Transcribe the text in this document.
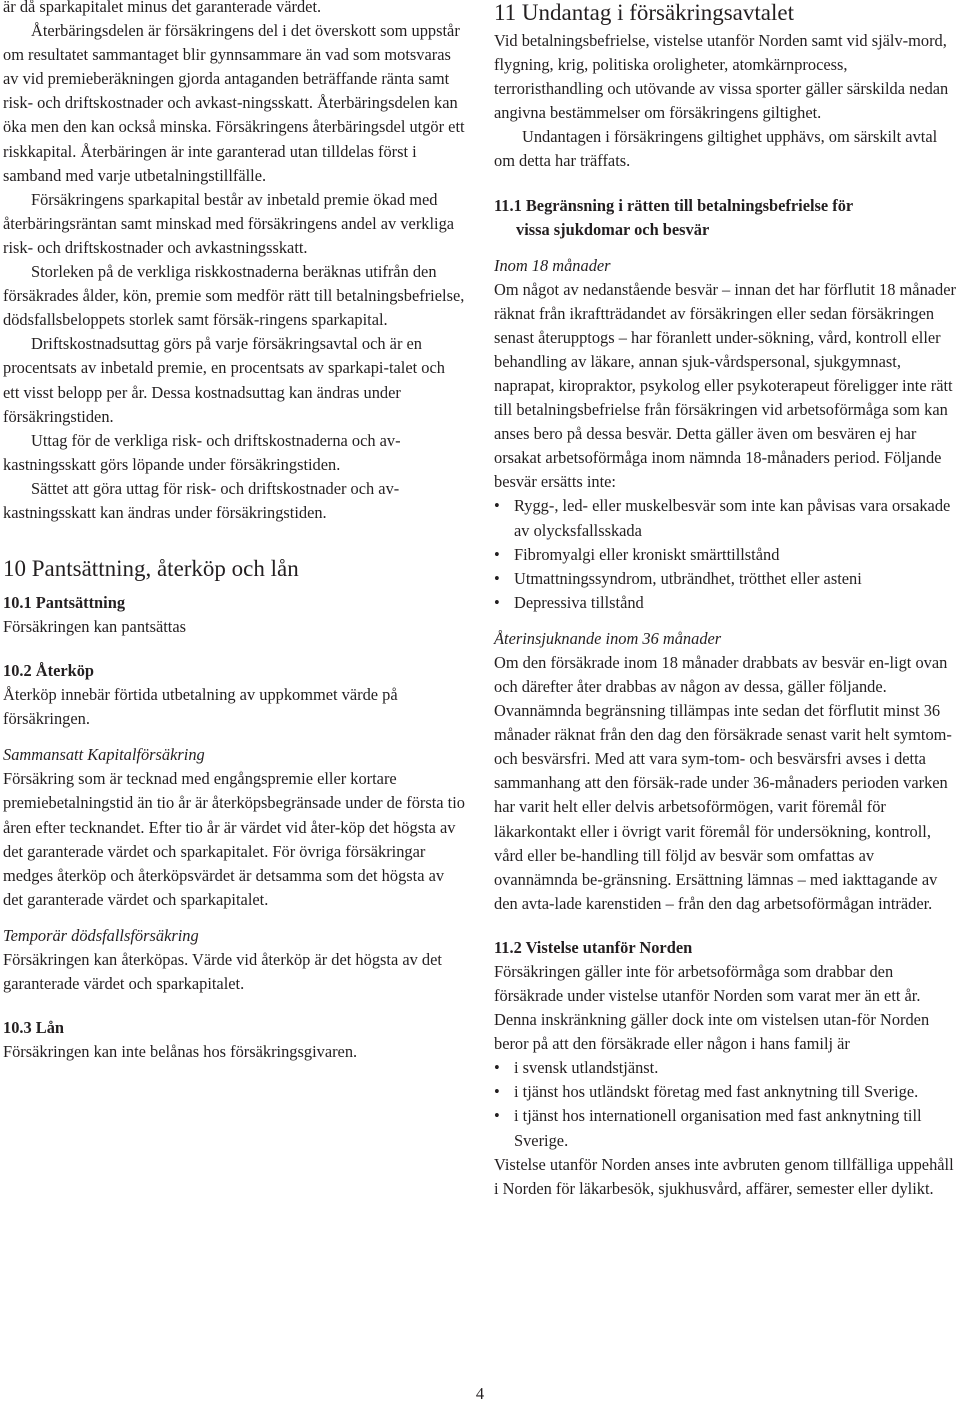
är då sparkapitalet minus det garanterade värdet.

Återbäringsdelen är försäkringens del i det överskott som uppstår om resultatet sammantaget blir gynnsammare än vad som motsvaras av vid premieberäkningen gjorda antaganden beträffande ränta samt risk- och driftskostnader och avkast-ningsskatt. Återbäringsdelen kan öka men den kan också minska. Försäkringens återbäringsdel utgör ett riskkapital. Återbäringen är inte garanterad utan tilldelas först i samband med varje utbetalningstillfälle.

Försäkringens sparkapital består av inbetald premie ökad med återbäringsräntan samt minskad med försäkringens andel av verkliga risk- och driftskostnader och avkastningsskatt.

Storleken på de verkliga riskkostnaderna beräknas utifrån den försäkrades ålder, kön, premie som medför rätt till betalningsbefrielse, dödsfallsbeloppets storlek samt försäk-ringens sparkapital.

Driftskostnadsuttag görs på varje försäkringsavtal och är en procentsats av inbetald premie, en procentsats av sparkapi-talet och ett visst belopp per år. Dessa kostnadsuttag kan ändras under försäkringstiden.

Uttag för de verkliga risk- och driftskostnaderna och av-kastningsskatt görs löpande under försäkringstiden.

Sättet att göra uttag för risk- och driftskostnader och av-kastningsskatt kan ändras under försäkringstiden.

10 Pantsättning, återköp och lån
10.1 Pantsättning

Försäkringen kan pantsättas

10.2 Återköp

Återköp innebär förtida utbetalning av uppkommet värde på försäkringen.

Sammansatt Kapitalförsäkring

Försäkring som är tecknad med engångspremie eller kortare premiebetalningstid än tio år är återköpsbegränsade under de första tio åren efter tecknandet. Efter tio år är värdet vid åter-köp det högsta av det garanterade värdet och sparkapitalet. För övriga försäkringar medges återköp och återköpsvärdet är detsamma som det högsta av det garanterade värdet och sparkapitalet.

Temporär dödsfallsförsäkring

Försäkringen kan återköpas. Värde vid återköp är det högsta av det garanterade värdet och sparkapitalet.

10.3 Lån

Försäkringen kan inte belånas hos försäkringsgivaren.

11 Undantag i försäkringsavtalet

Vid betalningsbefrielse, vistelse utanför Norden samt vid själv-mord, flygning, krig, politiska oroligheter, atomkärnprocess, terroristhandling och utövande av vissa sporter gäller särskilda nedan angivna bestämmelser om försäkringens giltighet.

Undantagen i försäkringens giltighet upphävs, om särskilt avtal om detta har träffats.

11.1 Begränsning i rätten till betalningsbefrielse för
vissa sjukdomar och besvär

Inom 18 månader

Om något av nedanstående besvär – innan det har förflutit 18 månader räknat från ikraftträdandet av försäkringen eller sedan försäkringen senast återupptogs – har föranlett under-sökning, vård, kontroll eller behandling av läkare, annan sjuk-vårdspersonal, sjukgymnast, naprapat, kiropraktor, psykolog eller psykoterapeut föreligger inte rätt till betalningsbefrielse från försäkringen vid arbetsoförmåga som kan anses bero på dessa besvär. Detta gäller även om besvären ej har orsakat arbetsoförmåga inom nämnda 18-månaders period. Följande besvär ersätts inte:

• Rygg-, led- eller muskelbesvär som inte kan påvisas vara orsakade av olycksfallsskada
• Fibromyalgi eller kroniskt smärttillstånd
• Utmattningssyndrom, utbrändhet, trötthet eller asteni
• Depressiva tillstånd

Återinsjuknande inom 36 månader

Om den försäkrade inom 18 månader drabbats av besvär en-ligt ovan och därefter åter drabbas av någon av dessa, gäller följande. Ovannämnda begränsning tillämpas inte sedan det förflutit minst 36 månader räknat från den dag den försäkrade senast varit helt symtom- och besvärsfri. Med att vara sym-tom- och besvärsfri avses i detta sammanhang att den försäk-rade under 36-månaders perioden varken har varit helt eller delvis arbetsoförmögen, varit föremål för läkarkontakt eller i övrigt varit föremål för undersökning, kontroll, vård eller be-handling till följd av besvär som omfattas av ovannämnda be-gränsning. Ersättning lämnas – med iakttagande av den avta-lade karenstiden – från den dag arbetsoförmågan inträder.

11.2 Vistelse utanför Norden

Försäkringen gäller inte för arbetsoförmåga som drabbar den försäkrade under vistelse utanför Norden som varat mer än ett år. Denna inskränkning gäller dock inte om vistelsen utan-för Norden beror på att den försäkrade eller någon i hans familj är

• i svensk utlandstjänst.
• i tjänst hos utländskt företag med fast anknytning till Sverige.
• i tjänst hos internationell organisation med fast anknytning till Sverige.

Vistelse utanför Norden anses inte avbruten genom tillfälliga uppehåll i Norden för läkarbesök, sjukhusvård, affärer, semester eller dylikt.

4
